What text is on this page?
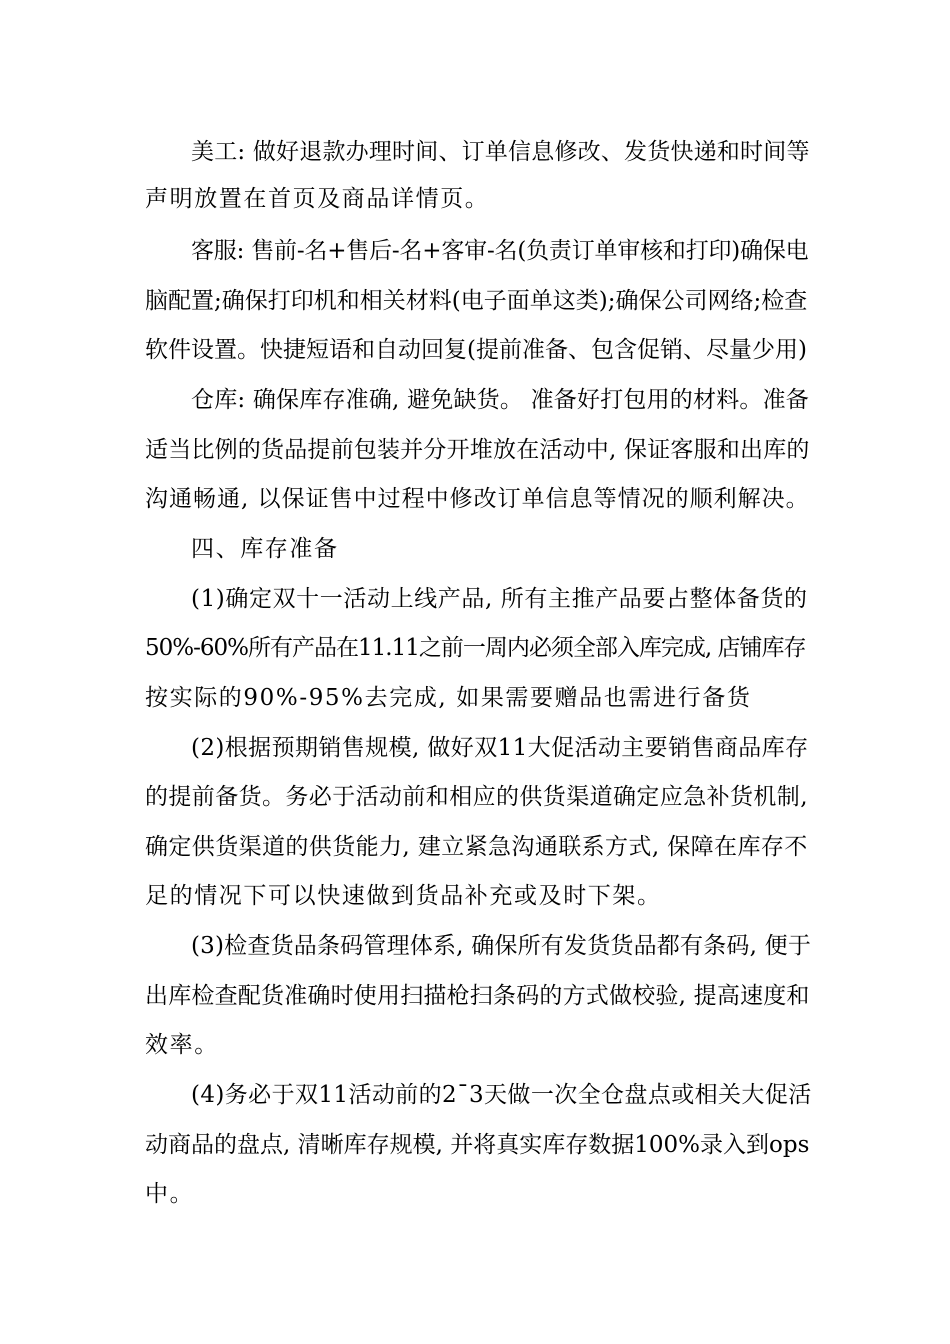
美工: 做好退款办理时间、订单信息修改、发货快递和时间等
声明放置在首页及商品详情页。
客服: 售前-名+售后-名+客审-名(负责订单审核和打印)确保电
脑配置;确保打印机和相关材料(电子面单这类);确保公司网络;检查
软件设置。快捷短语和自动回复(提前准备、包含促销、尽量少用)
仓库: 确保库存准确, 避免缺货。 准备好打包用的材料。准备
适当比例的货品提前包装并分开堆放在活动中, 保证客服和出库的
沟通畅通, 以保证售中过程中修改订单信息等情况的顺利解决。
四、库存准备
(1)确定双十一活动上线产品, 所有主推产品要占整体备货的
50%-60%所有产品在11.11之前一周内必须全部入库完成, 店铺库存
按实际的90%-95%去完成, 如果需要赠品也需进行备货
(2)根据预期销售规模, 做好双11大促活动主要销售商品库存
的提前备货。务必于活动前和相应的供货渠道确定应急补货机制,
确定供货渠道的供货能力, 建立紧急沟通联系方式, 保障在库存不
足的情况下可以快速做到货品补充或及时下架。
(3)检查货品条码管理体系, 确保所有发货货品都有条码, 便于
出库检查配货准确时使用扫描枪扫条码的方式做校验, 提高速度和
效率。
(4)务必于双11活动前的2¯3天做一次全仓盘点或相关大促活
动商品的盘点, 清晰库存规模, 并将真实库存数据100%录入到ops
中。
